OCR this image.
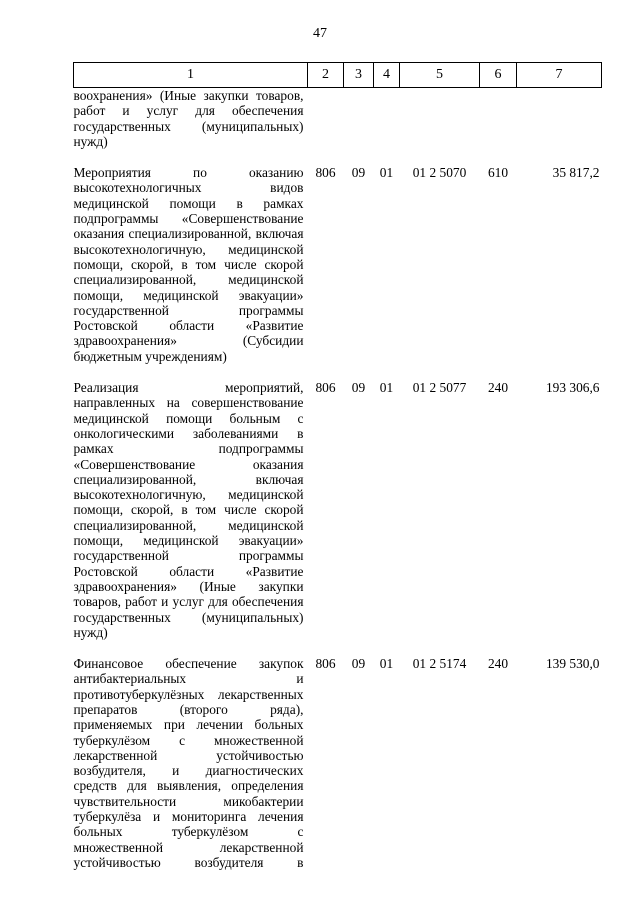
47
1	2	3	4	5	6	7
воохранения» (Иные закупки товаров, работ и услуг для обеспечения государственных (муниципальных) нужд)						
Мероприятия по оказанию высокотехнологичных видов медицинской помощи в рамках подпрограммы «Совершенствование оказания специализированной, включая высокотехнологичную, медицинской помощи, скорой, в том числе скорой специализированной, медицинской помощи, медицинской эвакуации» государственной программы Ростовской области «Развитие здравоохранения» (Субсидии бюджетным учреждениям)	806	09	01	01 2 5070	610	35 817,2
Реализация мероприятий, направленных на совершенствование медицинской помощи больным с онкологическими заболеваниями в рамках подпрограммы «Совершенствование оказания специализированной, включая высокотехнологичную, медицинской помощи, скорой, в том числе скорой специализированной, медицинской помощи, медицинской эвакуации» государственной программы Ростовской области «Развитие здравоохранения» (Иные закупки товаров, работ и услуг для обеспечения государственных (муниципальных) нужд)	806	09	01	01 2 5077	240	193 306,6
Финансовое обеспечение закупок антибактериальных и противотуберкулёзных лекарственных препаратов (второго ряда), применяемых при лечении больных туберкулёзом с множественной лекарственной устойчивостью возбудителя, и диагностических средств для выявления, определения чувствительности микобактерии туберкулёза и мониторинга лечения больных туберкулёзом с множественной лекарственной устойчивостью возбудителя в	806	09	01	01 2 5174	240	139 530,0
